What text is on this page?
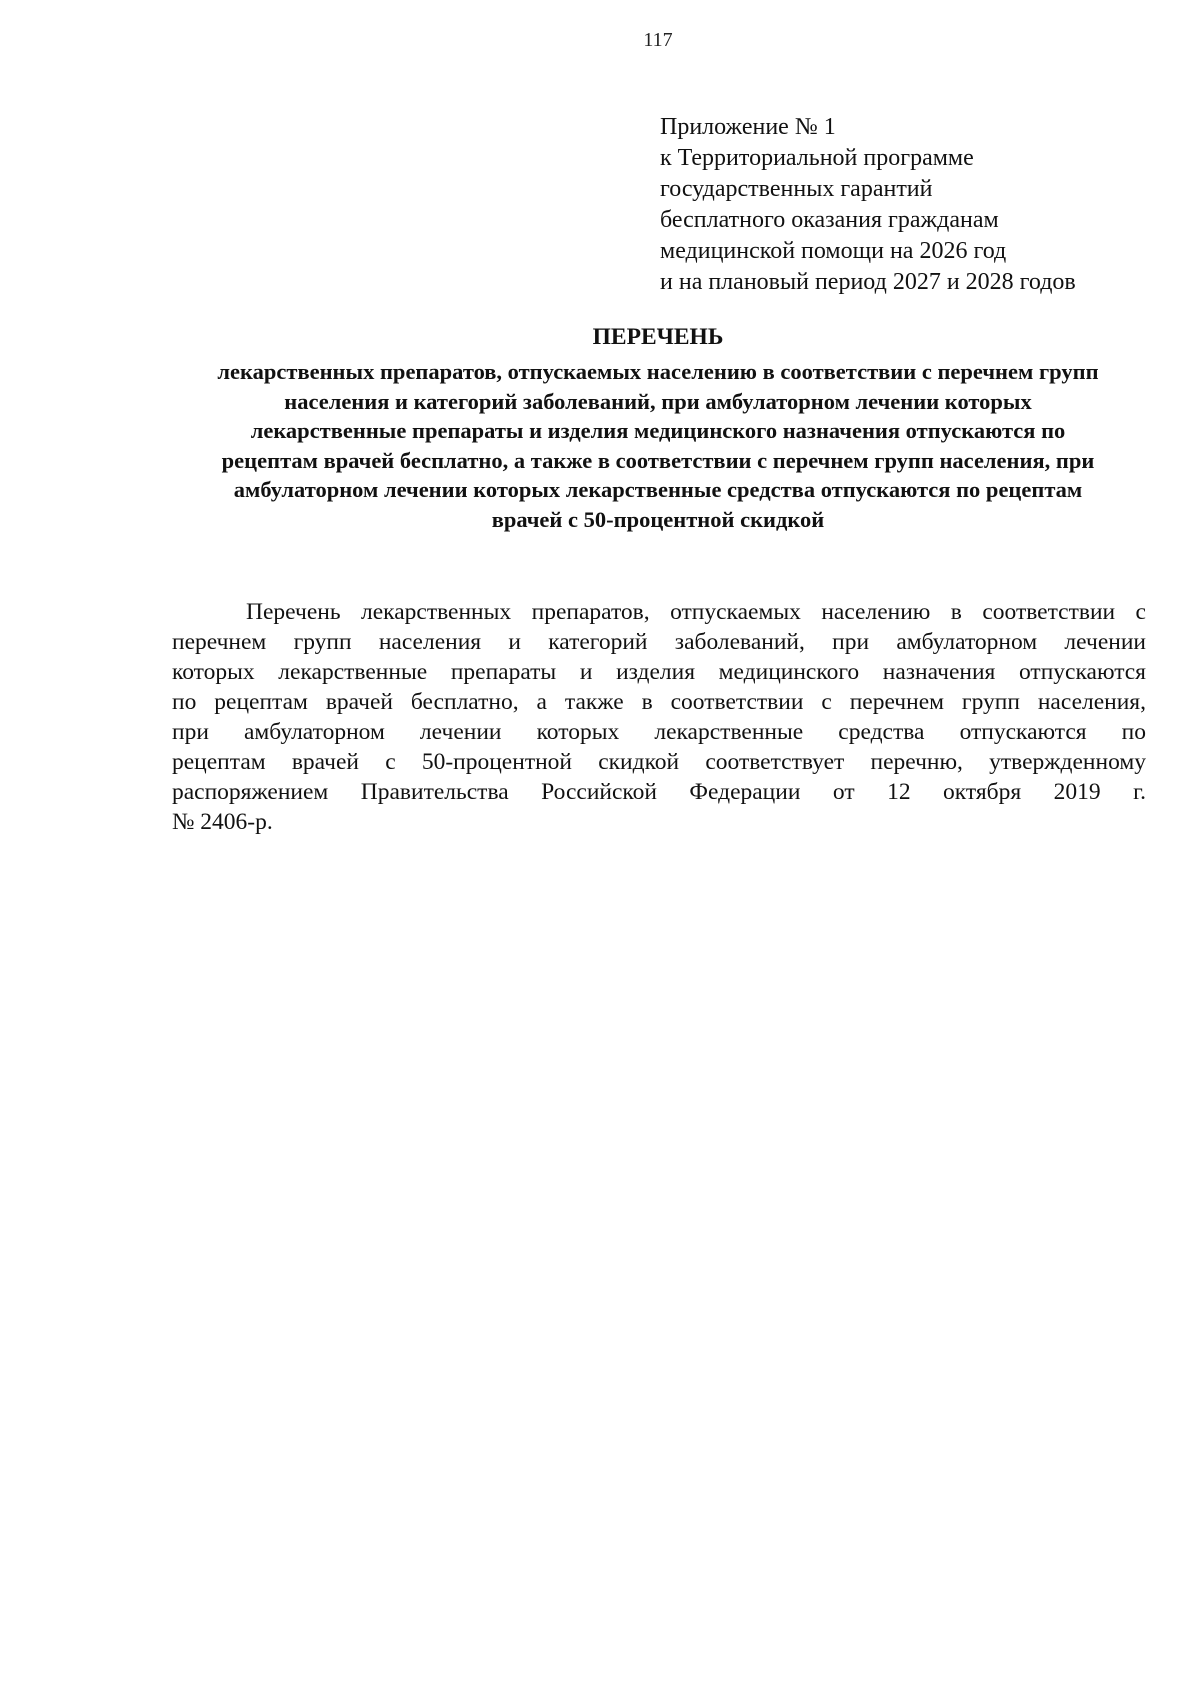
117
Приложение № 1
к Территориальной программе
государственных гарантий
бесплатного оказания гражданам
медицинской помощи на 2026 год
и на плановый период 2027 и 2028 годов
ПЕРЕЧЕНЬ
лекарственных препаратов, отпускаемых населению в соответствии с перечнем групп
населения и категорий заболеваний, при амбулаторном лечении которых
лекарственные препараты и изделия медицинского назначения отпускаются по
рецептам врачей бесплатно, а также в соответствии с перечнем групп населения, при
амбулаторном лечении которых лекарственные средства отпускаются по рецептам
врачей с 50-процентной скидкой
Перечень лекарственных препаратов, отпускаемых населению в соответствии с
перечнем групп населения и категорий заболеваний, при амбулаторном лечении
которых лекарственные препараты и изделия медицинского назначения отпускаются
по рецептам врачей бесплатно, а также в соответствии с перечнем групп населения,
при амбулаторном лечении которых лекарственные средства отпускаются по
рецептам врачей с 50-процентной скидкой соответствует перечню, утвержденному
распоряжением Правительства Российской Федерации от 12 октября 2019 г.
№ 2406-р.
